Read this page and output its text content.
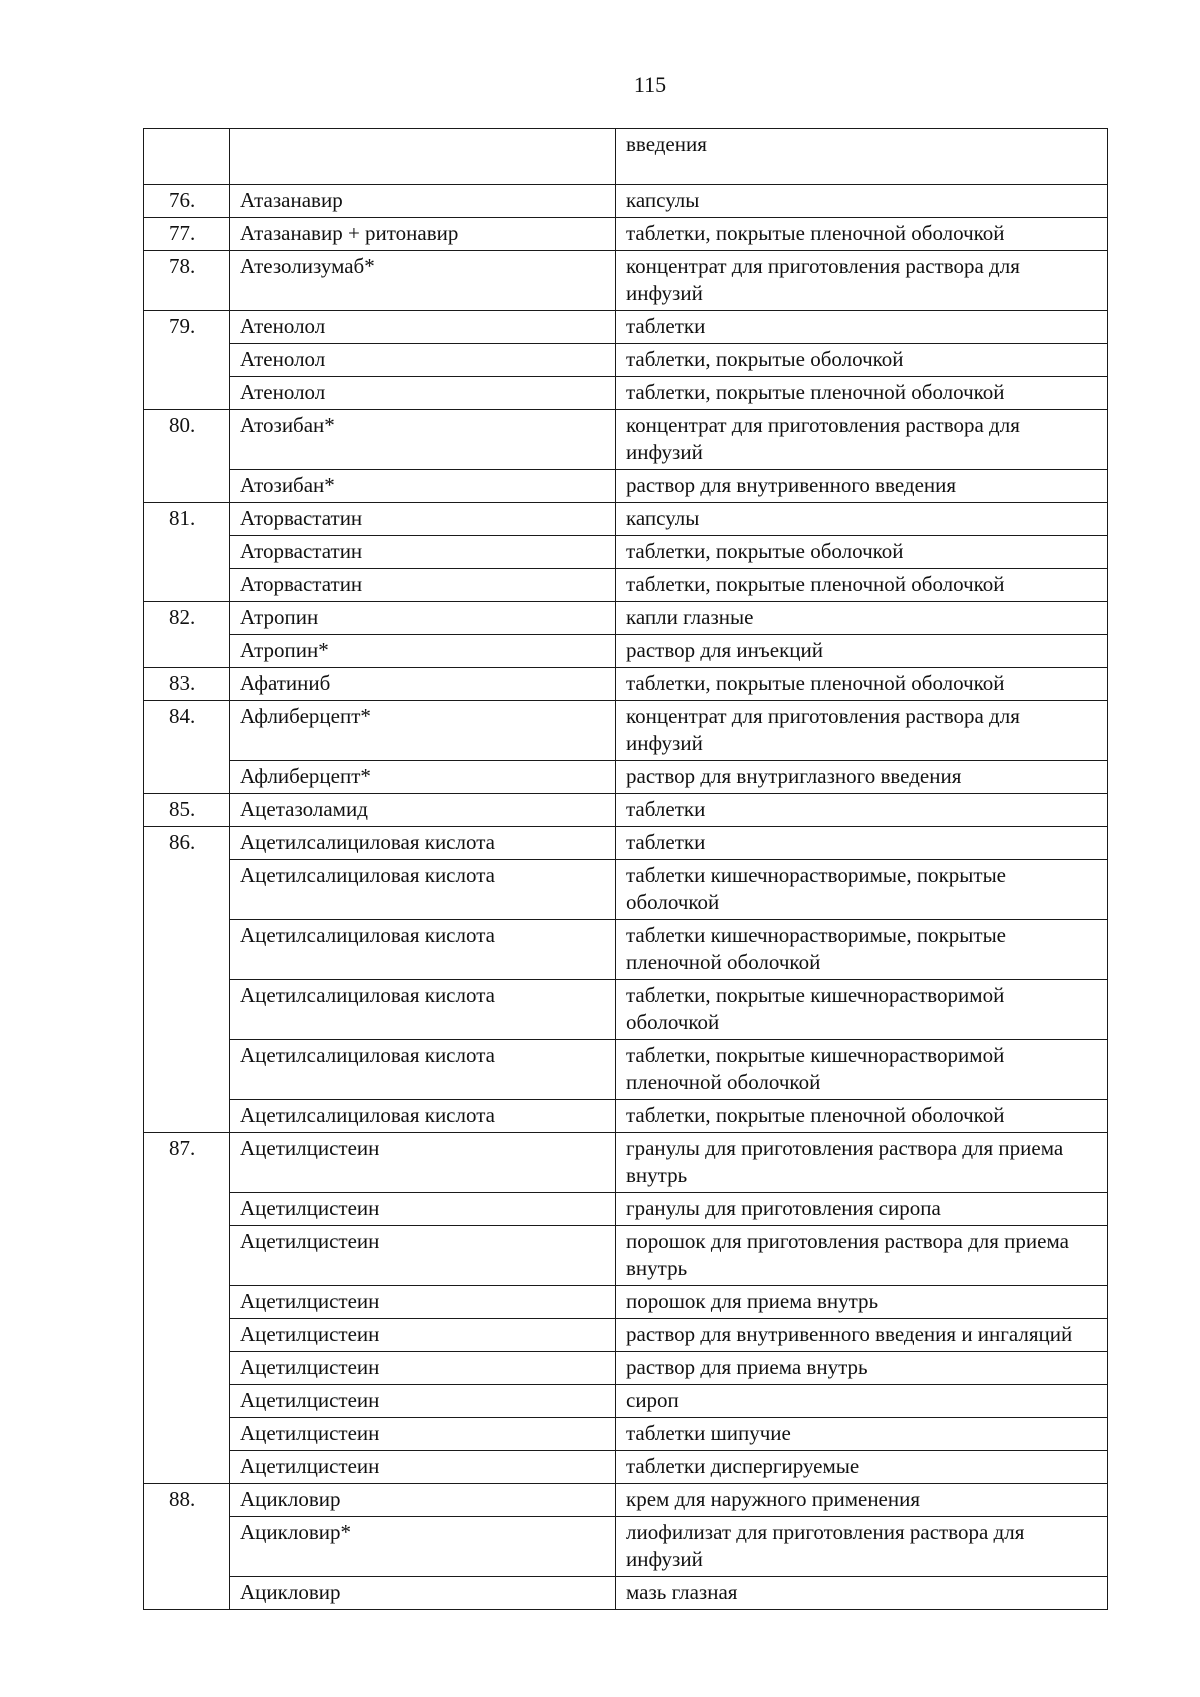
115
		введения
76.	Атазанавир	капсулы
77.	Атазанавир + ритонавир	таблетки, покрытые пленочной оболочкой
78.	Атезолизумаб*	концентрат для приготовления раствора для инфузий
79.	Атенолол	таблетки
	Атенолол	таблетки, покрытые оболочкой
	Атенолол	таблетки, покрытые пленочной оболочкой
80.	Атозибан*	концентрат для приготовления раствора для инфузий
	Атозибан*	раствор для внутривенного введения
81.	Аторвастатин	капсулы
	Аторвастатин	таблетки, покрытые оболочкой
	Аторвастатин	таблетки, покрытые пленочной оболочкой
82.	Атропин	капли глазные
	Атропин*	раствор для инъекций
83.	Афатиниб	таблетки, покрытые пленочной оболочкой
84.	Афлиберцепт*	концентрат для приготовления раствора для инфузий
	Афлиберцепт*	раствор для внутриглазного введения
85.	Ацетазоламид	таблетки
86.	Ацетилсалициловая кислота	таблетки
	Ацетилсалициловая кислота	таблетки кишечнорастворимые, покрытые оболочкой
	Ацетилсалициловая кислота	таблетки кишечнорастворимые, покрытые пленочной оболочкой
	Ацетилсалициловая кислота	таблетки, покрытые кишечнорастворимой оболочкой
	Ацетилсалициловая кислота	таблетки, покрытые кишечнорастворимой пленочной оболочкой
	Ацетилсалициловая кислота	таблетки, покрытые пленочной оболочкой
87.	Ацетилцистеин	гранулы для приготовления раствора для приема внутрь
	Ацетилцистеин	гранулы для приготовления сиропа
	Ацетилцистеин	порошок для приготовления раствора для приема внутрь
	Ацетилцистеин	порошок для приема внутрь
	Ацетилцистеин	раствор для внутривенного введения и ингаляций
	Ацетилцистеин	раствор для приема внутрь
	Ацетилцистеин	сироп
	Ацетилцистеин	таблетки шипучие
	Ацетилцистеин	таблетки диспергируемые
88.	Ацикловир	крем для наружного применения
	Ацикловир*	лиофилизат для приготовления раствора для инфузий
	Ацикловир	мазь глазная
